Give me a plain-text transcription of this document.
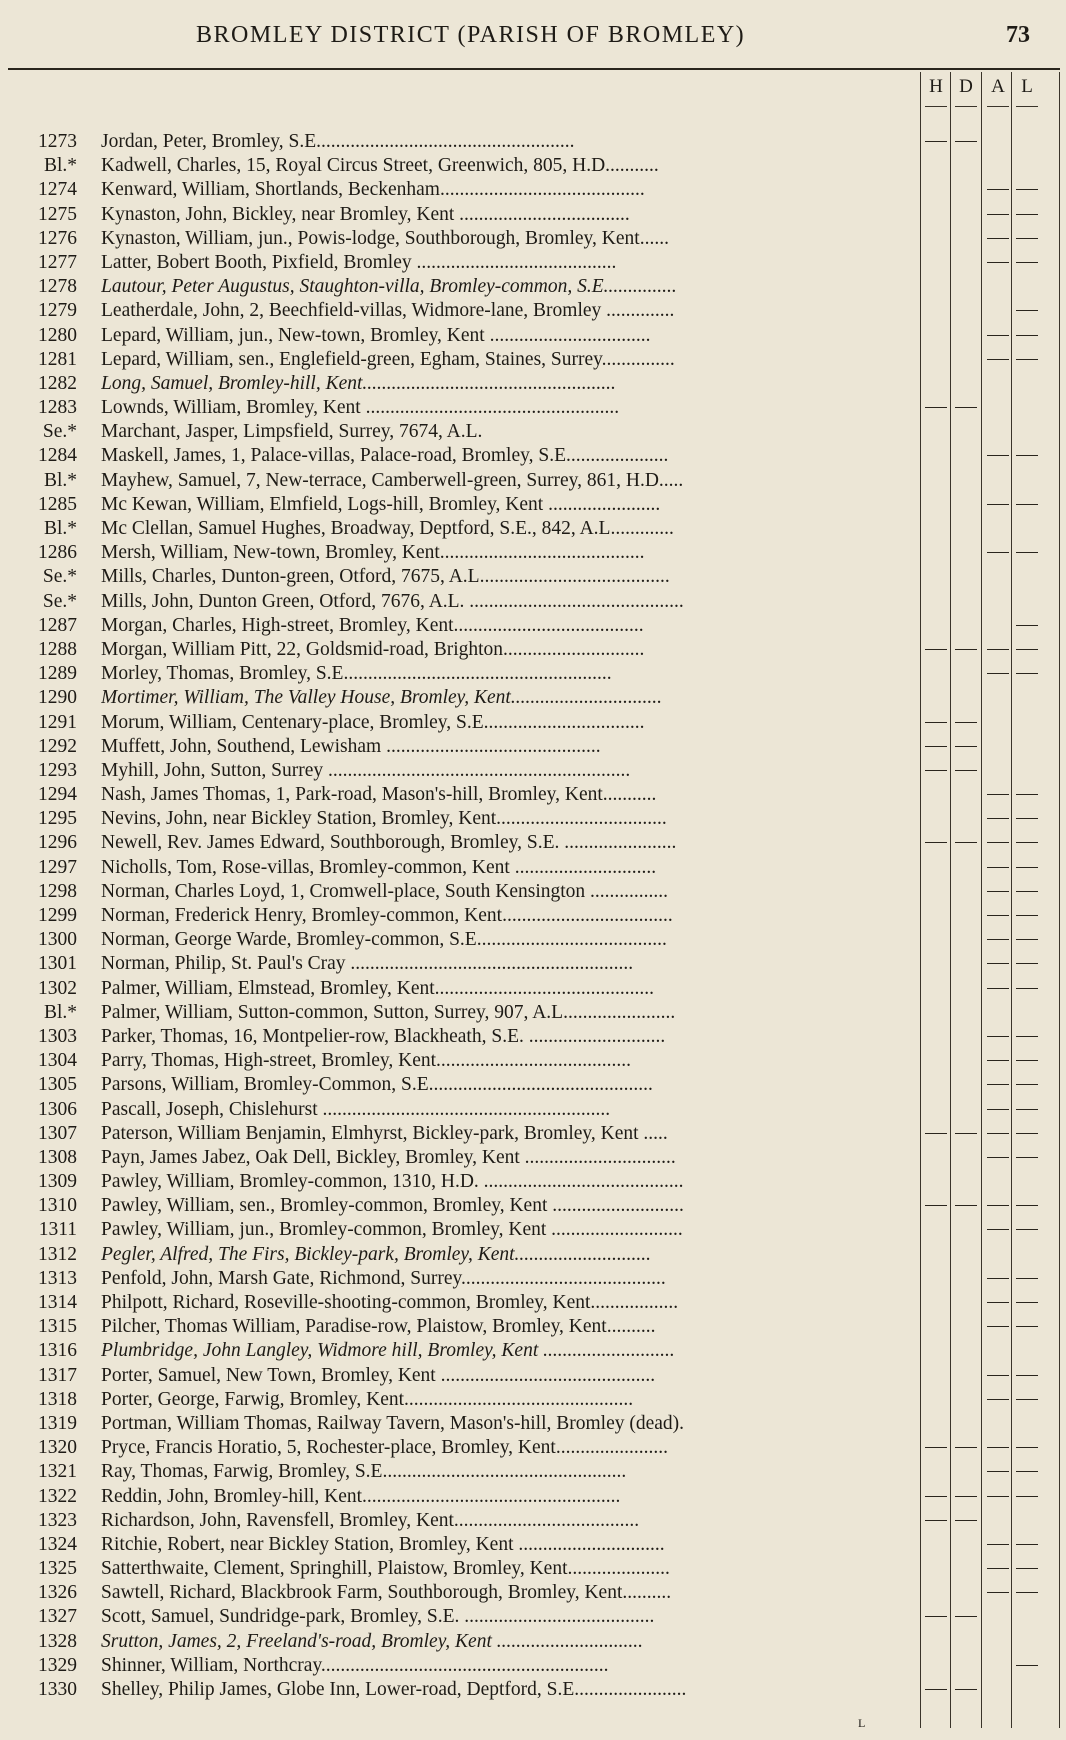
BROMLEY DISTRICT (PARISH OF BROMLEY)	73
H D A L
1273 Jordan, Peter, Bromley, S.E.....................................................
Bl.* Kadwell, Charles, 15, Royal Circus Street, Greenwich, 805, H.D...........
1274 Kenward, William, Shortlands, Beckenham..........................................
1275 Kynaston, John, Bickley, near Bromley, Kent ...................................
1276 Kynaston, William, jun., Powis-lodge, Southborough, Bromley, Kent......
1277 Latter, Bobert Booth, Pixfield, Bromley .........................................
1278 Lautour, Peter Augustus, Staughton-villa, Bromley-common, S.E...............
1279 Leatherdale, John, 2, Beechfield-villas, Widmore-lane, Bromley ..............
1280 Lepard, William, jun., New-town, Bromley, Kent .................................
1281 Lepard, William, sen., Englefield-green, Egham, Staines, Surrey...............
1282 Long, Samuel, Bromley-hill, Kent....................................................
1283 Lownds, William, Bromley, Kent ....................................................
Se.* Marchant, Jasper, Limpsfield, Surrey, 7674, A.L.
1284 Maskell, James, 1, Palace-villas, Palace-road, Bromley, S.E.....................
Bl.* Mayhew, Samuel, 7, New-terrace, Camberwell-green, Surrey, 861, H.D.....
1285 Mc Kewan, William, Elmfield, Logs-hill, Bromley, Kent .......................
Bl.* Mc Clellan, Samuel Hughes, Broadway, Deptford, S.E., 842, A.L.............
1286 Mersh, William, New-town, Bromley, Kent..........................................
Se.* Mills, Charles, Dunton-green, Otford, 7675, A.L.......................................
Se.* Mills, John, Dunton Green, Otford, 7676, A.L. ............................................
1287 Morgan, Charles, High-street, Bromley, Kent.......................................
1288 Morgan, William Pitt, 22, Goldsmid-road, Brighton.............................
1289 Morley, Thomas, Bromley, S.E.......................................................
1290 Mortimer, William, The Valley House, Bromley, Kent...............................
1291 Morum, William, Centenary-place, Bromley, S.E.................................
1292 Muffett, John, Southend, Lewisham ............................................
1293 Myhill, John, Sutton, Surrey ..............................................................
1294 Nash, James Thomas, 1, Park-road, Mason's-hill, Bromley, Kent...........
1295 Nevins, John, near Bickley Station, Bromley, Kent...................................
1296 Newell, Rev. James Edward, Southborough, Bromley, S.E. .......................
1297 Nicholls, Tom, Rose-villas, Bromley-common, Kent .............................
1298 Norman, Charles Loyd, 1, Cromwell-place, South Kensington ................
1299 Norman, Frederick Henry, Bromley-common, Kent...................................
1300 Norman, George Warde, Bromley-common, S.E.......................................
1301 Norman, Philip, St. Paul's Cray ..........................................................
1302 Palmer, William, Elmstead, Bromley, Kent.............................................
Bl.* Palmer, William, Sutton-common, Sutton, Surrey, 907, A.L.......................
1303 Parker, Thomas, 16, Montpelier-row, Blackheath, S.E. ............................
1304 Parry, Thomas, High-street, Bromley, Kent........................................
1305 Parsons, William, Bromley-Common, S.E..............................................
1306 Pascall, Joseph, Chislehurst ...........................................................
1307 Paterson, William Benjamin, Elmhyrst, Bickley-park, Bromley, Kent .....
1308 Payn, James Jabez, Oak Dell, Bickley, Bromley, Kent ...............................
1309 Pawley, William, Bromley-common, 1310, H.D. .........................................
1310 Pawley, William, sen., Bromley-common, Bromley, Kent ...........................
1311 Pawley, William, jun., Bromley-common, Bromley, Kent ...........................
1312 Pegler, Alfred, The Firs, Bickley-park, Bromley, Kent............................
1313 Penfold, John, Marsh Gate, Richmond, Surrey..........................................
1314 Philpott, Richard, Roseville-shooting-common, Bromley, Kent..................
1315 Pilcher, Thomas William, Paradise-row, Plaistow, Bromley, Kent..........
1316 Plumbridge, John Langley, Widmore hill, Bromley, Kent ...........................
1317 Porter, Samuel, New Town, Bromley, Kent ............................................
1318 Porter, George, Farwig, Bromley, Kent...............................................
1319 Portman, William Thomas, Railway Tavern, Mason's-hill, Bromley (dead).
1320 Pryce, Francis Horatio, 5, Rochester-place, Bromley, Kent.......................
1321 Ray, Thomas, Farwig, Bromley, S.E..................................................
1322 Reddin, John, Bromley-hill, Kent.....................................................
1323 Richardson, John, Ravensfell, Bromley, Kent......................................
1324 Ritchie, Robert, near Bickley Station, Bromley, Kent ..............................
1325 Satterthwaite, Clement, Springhill, Plaistow, Bromley, Kent.....................
1326 Sawtell, Richard, Blackbrook Farm, Southborough, Bromley, Kent..........
1327 Scott, Samuel, Sundridge-park, Bromley, S.E. .......................................
1328 Srutton, James, 2, Freeland's-road, Bromley, Kent ..............................
1329 Shinner, William, Northcray...........................................................
1330 Shelley, Philip James, Globe Inn, Lower-road, Deptford, S.E.......................
L
